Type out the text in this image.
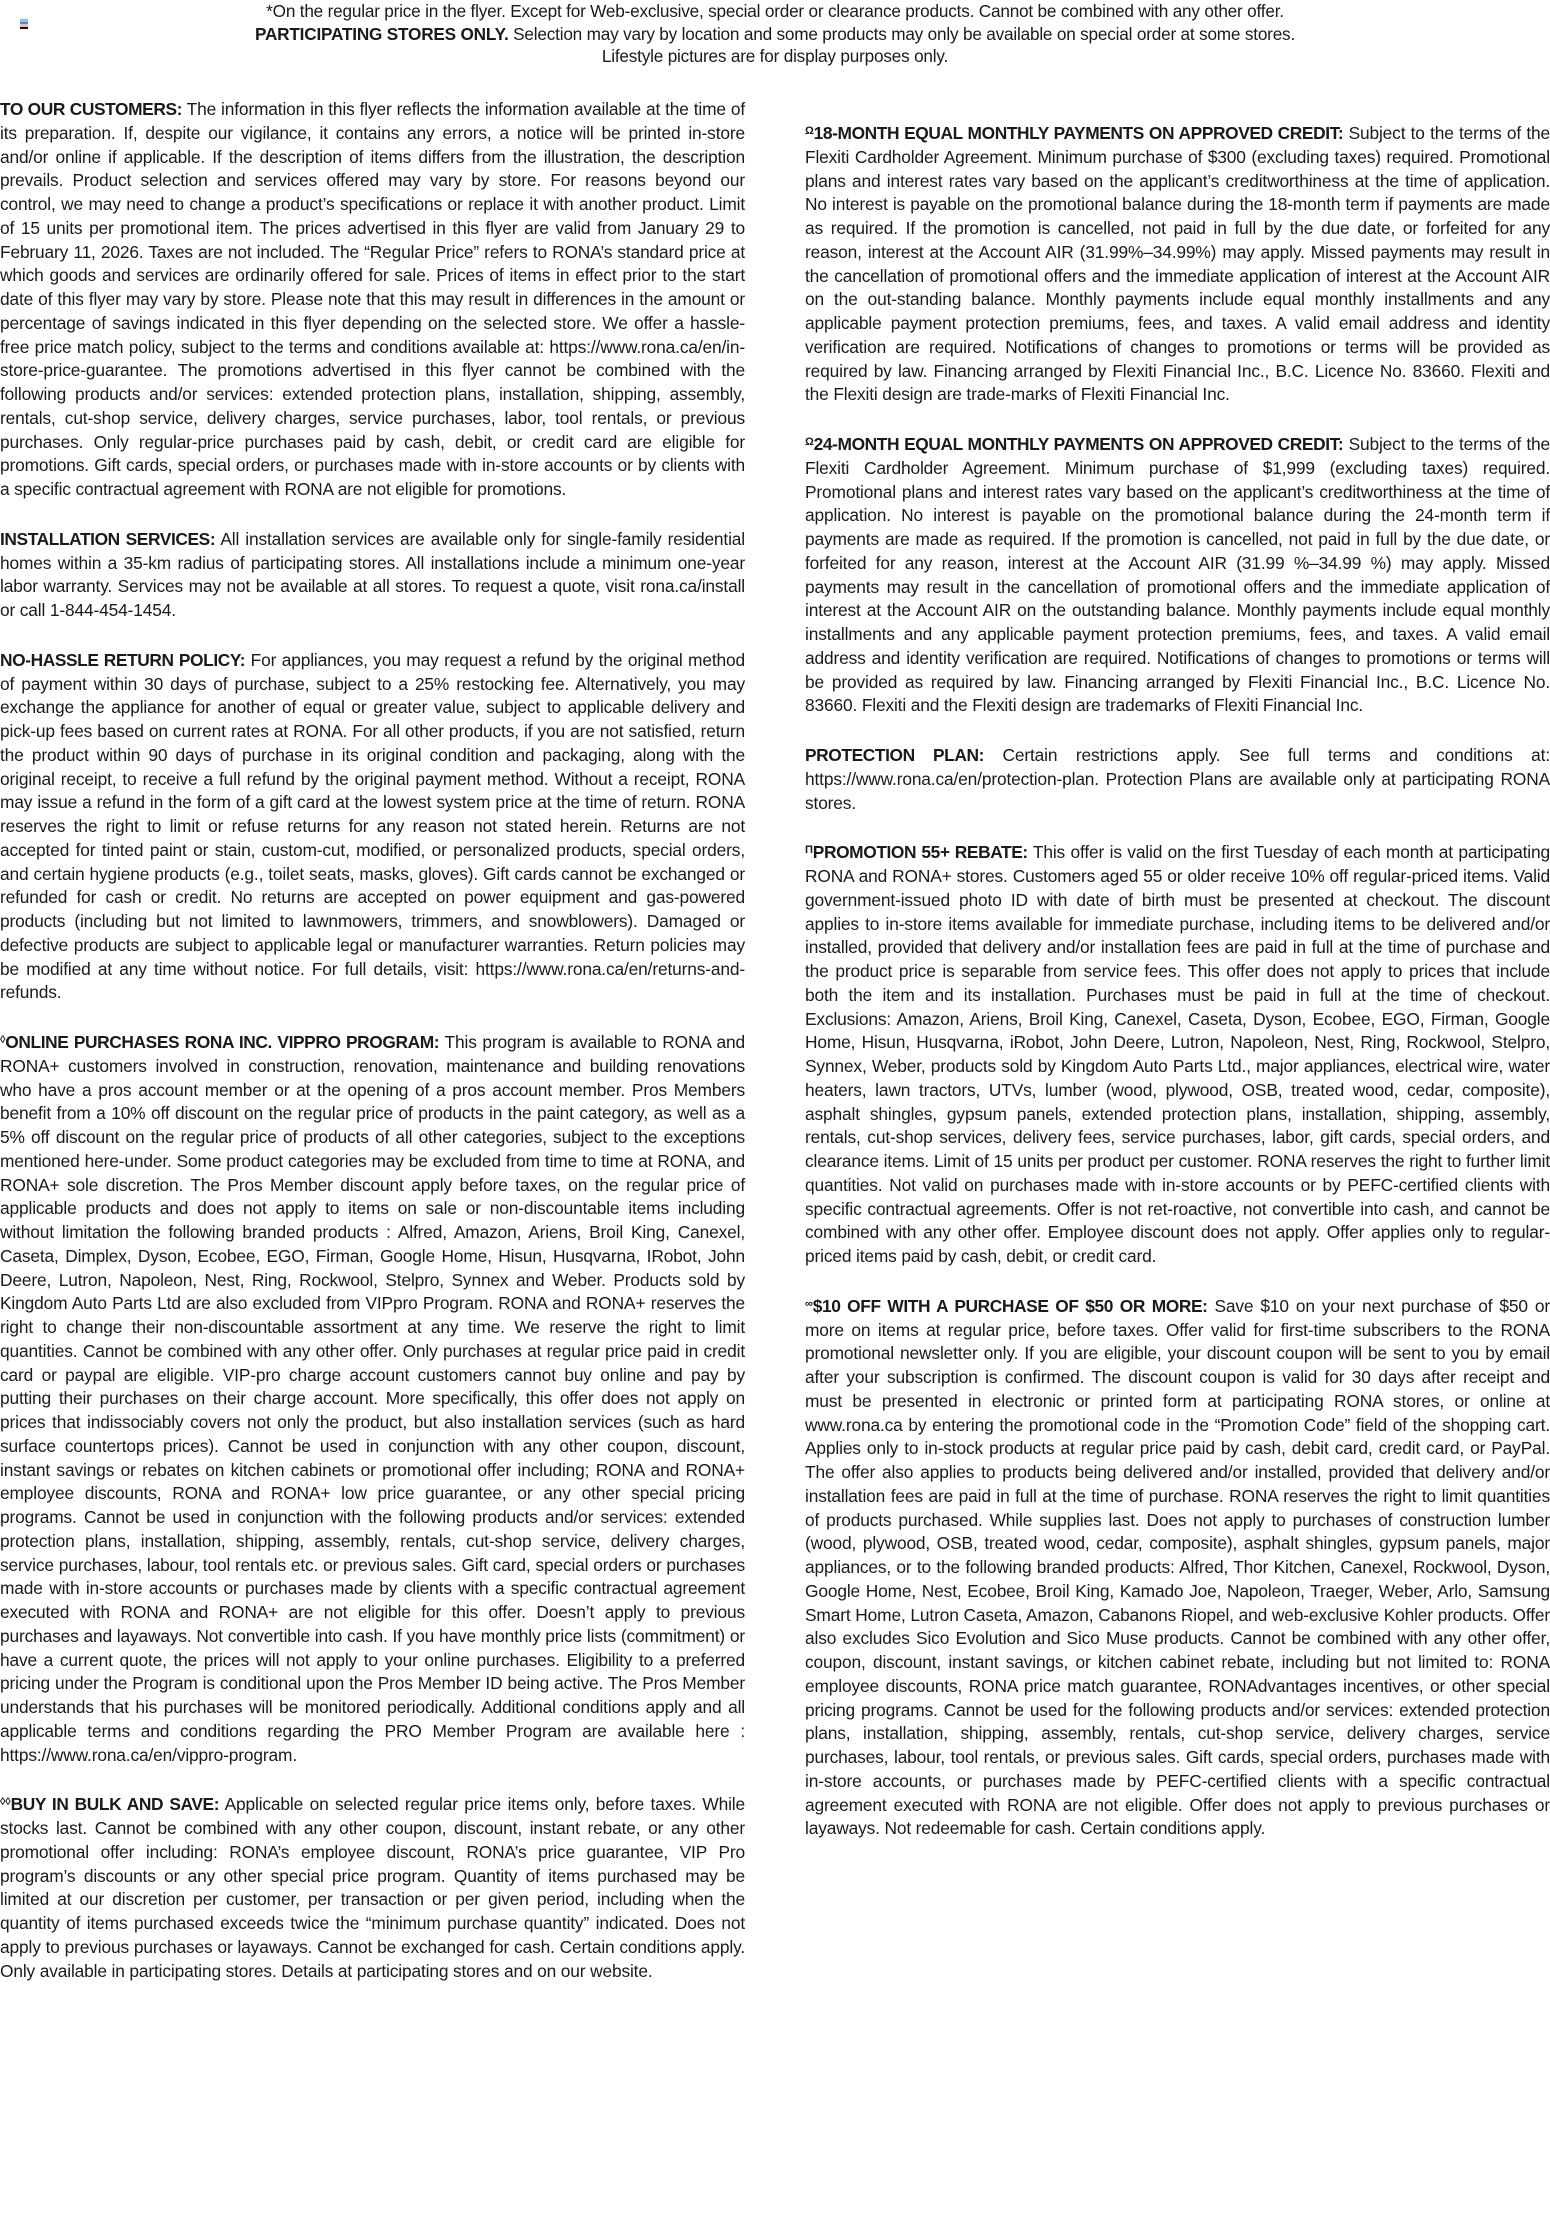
*On the regular price in the flyer. Except for Web-exclusive, special order or clearance products. Cannot be combined with any other offer.
PARTICIPATING STORES ONLY. Selection may vary by location and some products may only be available on special order at some stores.
Lifestyle pictures are for display purposes only.

TO OUR CUSTOMERS: The information in this flyer reflects the information available at the time of its preparation. If, despite our vigilance, it contains any errors, a notice will be printed in-store and/or online if applicable. If the description of items differs from the illustration, the description prevails. Product selection and services offered may vary by store. For reasons beyond our control, we may need to change a product’s specifications or replace it with another product. Limit of 15 units per promotional item. The prices advertised in this flyer are valid from January 29 to February 11, 2026. Taxes are not included. The “Regular Price” refers to RONA’s standard price at which goods and services are ordinarily offered for sale. Prices of items in effect prior to the start date of this flyer may vary by store. Please note that this may result in differences in the amount or percentage of savings indicated in this flyer depending on the selected store. We offer a hassle-free price match policy, subject to the terms and conditions available at: https://www.rona.ca/en/in-store-price-guarantee. The promotions advertised in this flyer cannot be combined with the following products and/or services: extended protection plans, installation, shipping, assembly, rentals, cut-shop service, delivery charges, service purchases, labor, tool rentals, or previous purchases. Only regular-price purchases paid by cash, debit, or credit card are eligible for promotions. Gift cards, special orders, or purchases made with in-store accounts or by clients with a specific contractual agreement with RONA are not eligible for promotions.

INSTALLATION SERVICES: All installation services are available only for single-family residential homes within a 35-km radius of participating stores. All installations include a minimum one-year labor warranty. Services may not be available at all stores. To request a quote, visit rona.ca/install or call 1-844-454-1454.

NO-HASSLE RETURN POLICY: For appliances, you may request a refund by the original method of payment within 30 days of purchase, subject to a 25% restocking fee. Alternatively, you may exchange the appliance for another of equal or greater value, subject to applicable delivery and pick-up fees based on current rates at RONA. For all other products, if you are not satisfied, return the product within 90 days of purchase in its original condition and packaging, along with the original receipt, to receive a full refund by the original payment method. Without a receipt, RONA may issue a refund in the form of a gift card at the lowest system price at the time of return. RONA reserves the right to limit or refuse returns for any reason not stated herein. Returns are not accepted for tinted paint or stain, custom-cut, modified, or personalized products, special orders, and certain hygiene products (e.g., toilet seats, masks, gloves). Gift cards cannot be exchanged or refunded for cash or credit. No returns are accepted on power equipment and gas-powered products (including but not limited to lawnmowers, trimmers, and snowblowers). Damaged or defective products are subject to applicable legal or manufacturer warranties. Return policies may be modified at any time without notice. For full details, visit: https://www.rona.ca/en/returns-and-refunds.

◊ONLINE PURCHASES RONA INC. VIPPRO PROGRAM: This program is available to RONA and RONA+ customers involved in construction, renovation, maintenance and building renovations who have a pros account member or at the opening of a pros account member. Pros Members benefit from a 10% off discount on the regular price of products in the paint category, as well as a 5% off discount on the regular price of products of all other categories, subject to the exceptions mentioned here-under. Some product categories may be excluded from time to time at RONA, and RONA+ sole discretion. The Pros Member discount apply before taxes, on the regular price of applicable products and does not apply to items on sale or non-discountable items including without limitation the following branded products : Alfred, Amazon, Ariens, Broil King, Canexel, Caseta, Dimplex, Dyson, Ecobee, EGO, Firman, Google Home, Hisun, Husqvarna, IRobot, John Deere, Lutron, Napoleon, Nest, Ring, Rockwool, Stelpro, Synnex and Weber. Products sold by Kingdom Auto Parts Ltd are also excluded from VIPpro Program. RONA and RONA+ reserves the right to change their non-discountable assortment at any time. We reserve the right to limit quantities. Cannot be combined with any other offer. Only purchases at regular price paid in credit card or paypal are eligible. VIP-pro charge account customers cannot buy online and pay by putting their purchases on their charge account. More specifically, this offer does not apply on prices that indissociably covers not only the product, but also installation services (such as hard surface countertops prices). Cannot be used in conjunction with any other coupon, discount, instant savings or rebates on kitchen cabinets or promotional offer including; RONA and RONA+ employee discounts, RONA and RONA+ low price guarantee, or any other special pricing programs. Cannot be used in conjunction with the following products and/or services: extended protection plans, installation, shipping, assembly, rentals, cut-shop service, delivery charges, service purchases, labour, tool rentals etc. or previous sales. Gift card, special orders or purchases made with in-store accounts or purchases made by clients with a specific contractual agreement executed with RONA and RONA+ are not eligible for this offer. Doesn’t apply to previous purchases and layaways. Not convertible into cash. If you have monthly price lists (commitment) or have a current quote, the prices will not apply to your online purchases. Eligibility to a preferred pricing under the Program is conditional upon the Pros Member ID being active. The Pros Member understands that his purchases will be monitored periodically. Additional conditions apply and all applicable terms and conditions regarding the PRO Member Program are available here : https://www.rona.ca/en/vippro-program.

◊◊BUY IN BULK AND SAVE: Applicable on selected regular price items only, before taxes. While stocks last. Cannot be combined with any other coupon, discount, instant rebate, or any other promotional offer including: RONA’s employee discount, RONA’s price guarantee, VIP Pro program’s discounts or any other special price program. Quantity of items purchased may be limited at our discretion per customer, per transaction or per given period, including when the quantity of items purchased exceeds twice the “minimum purchase quantity” indicated. Does not apply to previous purchases or layaways. Cannot be exchanged for cash. Certain conditions apply. Only available in participating stores. Details at participating stores and on our website.

$^\Omega$18-MONTH EQUAL MONTHLY PAYMENTS ON APPROVED CREDIT: Subject to the terms of the Flexiti Cardholder Agreement. Minimum purchase of $300 (excluding taxes) required. Promotional plans and interest rates vary based on the applicant’s creditworthiness at the time of application. No interest is payable on the promotional balance during the 18-month term if payments are made as required. If the promotion is cancelled, not paid in full by the due date, or forfeited for any reason, interest at the Account AIR (31.99%–34.99%) may apply. Missed payments may result in the cancellation of promotional offers and the immediate application of interest at the Account AIR on the out-standing balance. Monthly payments include equal monthly installments and any applicable payment protection premiums, fees, and taxes. A valid email address and identity verification are required. Notifications of changes to promotions or terms will be provided as required by law. Financing arranged by Flexiti Financial Inc., B.C. Licence No. 83660. Flexiti and the Flexiti design are trade-marks of Flexiti Financial Inc.

$^\Omega$24-MONTH EQUAL MONTHLY PAYMENTS ON APPROVED CREDIT: Subject to the terms of the Flexiti Cardholder Agreement. Minimum purchase of $1,999 (excluding taxes) required. Promotional plans and interest rates vary based on the applicant’s creditworthiness at the time of application. No interest is payable on the promotional balance during the 24-month term if payments are made as required. If the promotion is cancelled, not paid in full by the due date, or forfeited for any reason, interest at the Account AIR (31.99 %–34.99 %) may apply. Missed payments may result in the cancellation of promotional offers and the immediate application of interest at the Account AIR on the outstanding balance. Monthly payments include equal monthly installments and any applicable payment protection premiums, fees, and taxes. A valid email address and identity verification are required. Notifications of changes to promotions or terms will be provided as required by law. Financing arranged by Flexiti Financial Inc., B.C. Licence No. 83660. Flexiti and the Flexiti design are trademarks of Flexiti Financial Inc.

PROTECTION PLAN: Certain restrictions apply. See full terms and conditions at: https://www.rona.ca/en/protection-plan. Protection Plans are available only at participating RONA stores.

$^\Pi$PROMOTION 55+ REBATE: This offer is valid on the first Tuesday of each month at participating RONA and RONA+ stores. Customers aged 55 or older receive 10% off regular-priced items. Valid government-issued photo ID with date of birth must be presented at checkout. The discount applies to in-store items available for immediate purchase, including items to be delivered and/or installed, provided that delivery and/or installation fees are paid in full at the time of purchase and the product price is separable from service fees. This offer does not apply to prices that include both the item and its installation. Purchases must be paid in full at the time of checkout. Exclusions: Amazon, Ariens, Broil King, Canexel, Caseta, Dyson, Ecobee, EGO, Firman, Google Home, Hisun, Husqvarna, iRobot, John Deere, Lutron, Napoleon, Nest, Ring, Rockwool, Stelpro, Synnex, Weber, products sold by Kingdom Auto Parts Ltd., major appliances, electrical wire, water heaters, lawn tractors, UTVs, lumber (wood, plywood, OSB, treated wood, cedar, composite), asphalt shingles, gypsum panels, extended protection plans, installation, shipping, assembly, rentals, cut-shop services, delivery fees, service purchases, labor, gift cards, special orders, and clearance items. Limit of 15 units per product per customer. RONA reserves the right to further limit quantities. Not valid on purchases made with in-store accounts or by PEFC-certified clients with specific contractual agreements. Offer is not ret-roactive, not convertible into cash, and cannot be combined with any other offer. Employee discount does not apply. Offer applies only to regular-priced items paid by cash, debit, or credit card.

∞$10 OFF WITH A PURCHASE OF $50 OR MORE: Save $10 on your next purchase of $50 or more on items at regular price, before taxes. Offer valid for first-time subscribers to the RONA promotional newsletter only. If you are eligible, your discount coupon will be sent to you by email after your subscription is confirmed. The discount coupon is valid for 30 days after receipt and must be presented in electronic or printed form at participating RONA stores, or online at www.rona.ca by entering the promotional code in the “Promotion Code” field of the shopping cart. Applies only to in-stock products at regular price paid by cash, debit card, credit card, or PayPal. The offer also applies to products being delivered and/or installed, provided that delivery and/or installation fees are paid in full at the time of purchase. RONA reserves the right to limit quantities of products purchased. While supplies last. Does not apply to purchases of construction lumber (wood, plywood, OSB, treated wood, cedar, composite), asphalt shingles, gypsum panels, major appliances, or to the following branded products: Alfred, Thor Kitchen, Canexel, Rockwool, Dyson, Google Home, Nest, Ecobee, Broil King, Kamado Joe, Napoleon, Traeger, Weber, Arlo, Samsung Smart Home, Lutron Caseta, Amazon, Cabanons Riopel, and web-exclusive Kohler products. Offer also excludes Sico Evolution and Sico Muse products. Cannot be combined with any other offer, coupon, discount, instant savings, or kitchen cabinet rebate, including but not limited to: RONA employee discounts, RONA price match guarantee, RONAdvantages incentives, or other special pricing programs. Cannot be used for the following products and/or services: extended protection plans, installation, shipping, assembly, rentals, cut-shop service, delivery charges, service purchases, labour, tool rentals, or previous sales. Gift cards, special orders, purchases made with in-store accounts, or purchases made by PEFC-certified clients with a specific contractual agreement executed with RONA are not eligible. Offer does not apply to previous purchases or layaways. Not redeemable for cash. Certain conditions apply.
